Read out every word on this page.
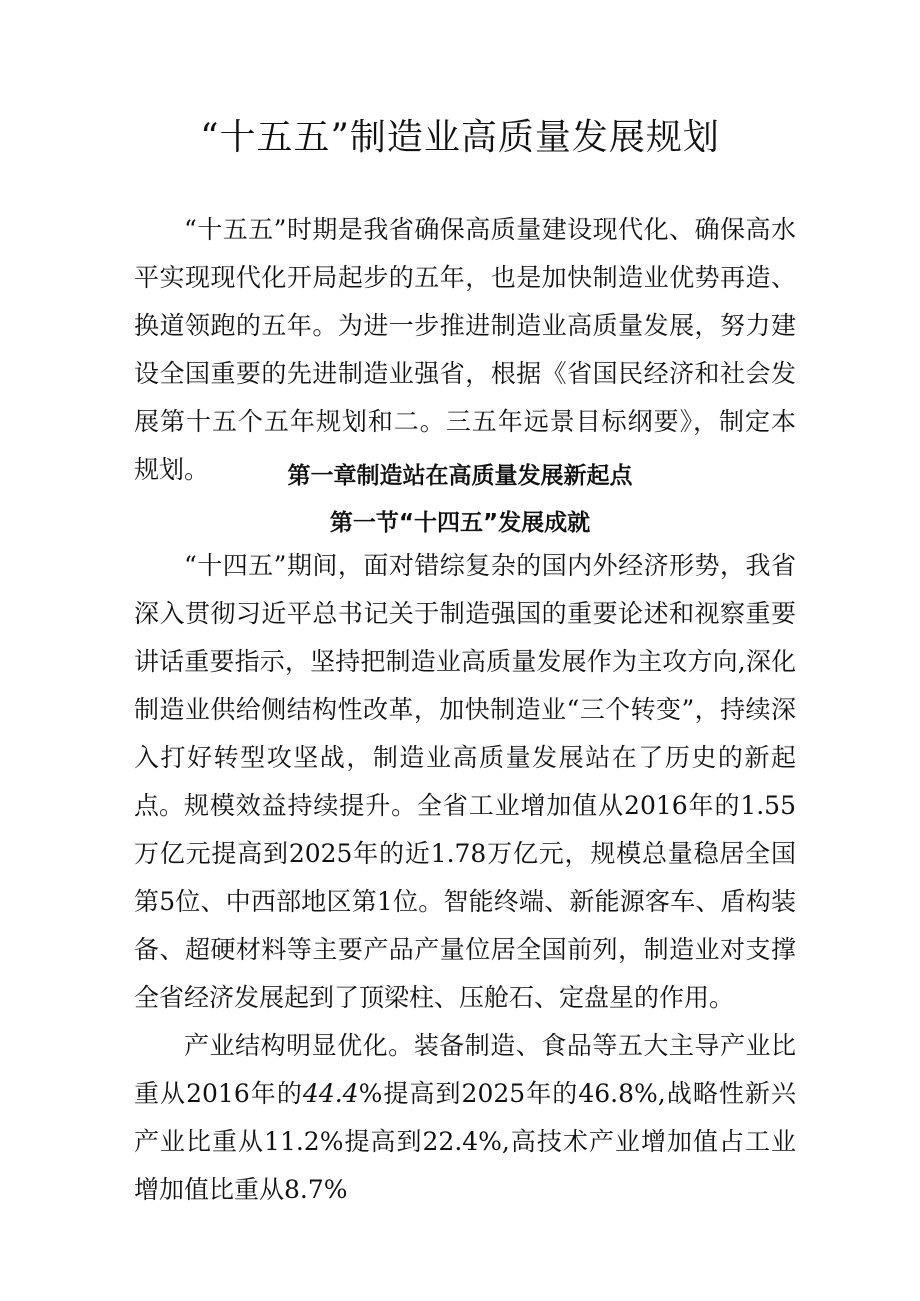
“十五五”制造业高质量发展规划

“十五五”时期是我省确保高质量建设现代化、确保高水平实现现代化开局起步的五年，也是加快制造业优势再造、换道领跑的五年。为进一步推进制造业高质量发展，努力建设全国重要的先进制造业强省，根据《省国民经济和社会发展第十五个五年规划和二。三五年远景目标纲要》，制定本规划。	第一章制造站在高质量发展新起点
第一节“十四五”发展成就

“十四五”期间，面对错综复杂的国内外经济形势，我省深入贯彻习近平总书记关于制造强国的重要论述和视察重要讲话重要指示，坚持把制造业高质量发展作为主攻方向,深化制造业供给侧结构性改革，加快制造业“三个转变”，持续深入打好转型攻坚战，制造业高质量发展站在了历史的新起点。 规模效益持续提升。全省工业增加值从2016年的1.55万亿元提高到2025年的近1.78万亿元，规模总量稳居全国第5位、中西部地区第1位。智能终端、新能源客车、盾构装备、超硬材料等主要产品产量位居全国前列，制造业对支撑全省经济发展起到了顶梁柱、压舱石、定盘星的作用。

产业结构明显优化。装备制造、食品等五大主导产业比重从2016年的44.4%提高到2025年的46.8%,战略性新兴产业比重从11.2%提高到22.4%,高技术产业增加值占工业增加值比重从8.7%
